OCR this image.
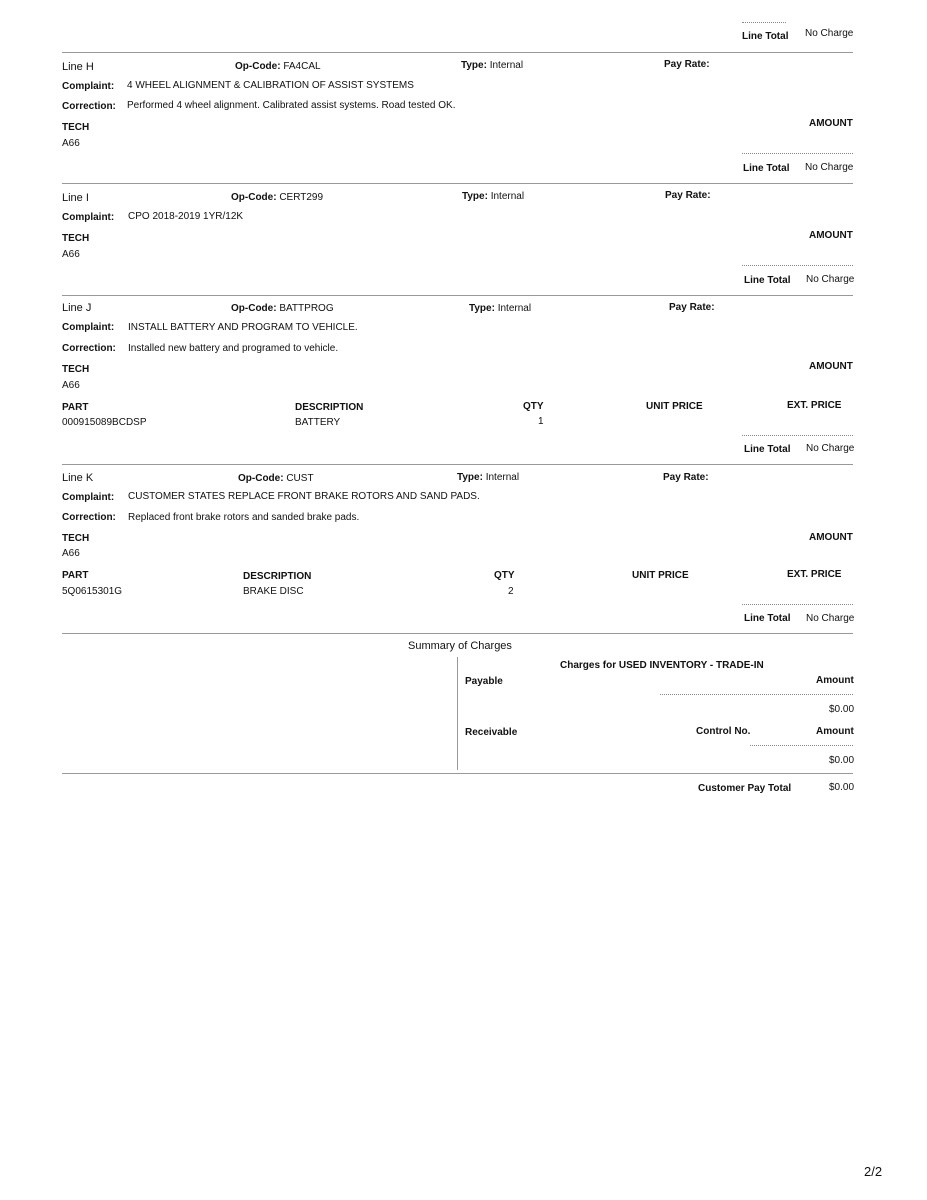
Line Total No Charge
Line H	Op-Code: FA4CAL	Type: Internal	Pay Rate:
Complaint: 4 WHEEL ALIGNMENT & CALIBRATION OF ASSIST SYSTEMS
Correction: Performed 4 wheel alignment. Calibrated assist systems. Road tested OK.
TECH
A66
AMOUNT
Line Total No Charge
Line I	Op-Code: CERT299	Type: Internal	Pay Rate:
Complaint: CPO 2018-2019 1YR/12K
TECH
A66
AMOUNT
Line Total No Charge
Line J	Op-Code: BATTPROG	Type: Internal	Pay Rate:
Complaint: INSTALL BATTERY AND PROGRAM TO VEHICLE.
Correction: Installed new battery and programed to vehicle.
TECH
A66
AMOUNT
PART	DESCRIPTION	QTY	UNIT PRICE	EXT. PRICE
000915089BCDSP	BATTERY	1
Line Total No Charge
Line K	Op-Code: CUST	Type: Internal	Pay Rate:
Complaint: CUSTOMER STATES REPLACE FRONT BRAKE ROTORS AND SAND PADS.
Correction: Replaced front brake rotors and sanded brake pads.
TECH
A66
AMOUNT
PART	DESCRIPTION	QTY	UNIT PRICE	EXT. PRICE
5Q0615301G	BRAKE DISC	2
Line Total No Charge
Summary of Charges
Charges for USED INVENTORY - TRADE-IN
Payable	Amount
$0.00
Receivable	Control No.	Amount
$0.00
Customer Pay Total	$0.00
2/2
